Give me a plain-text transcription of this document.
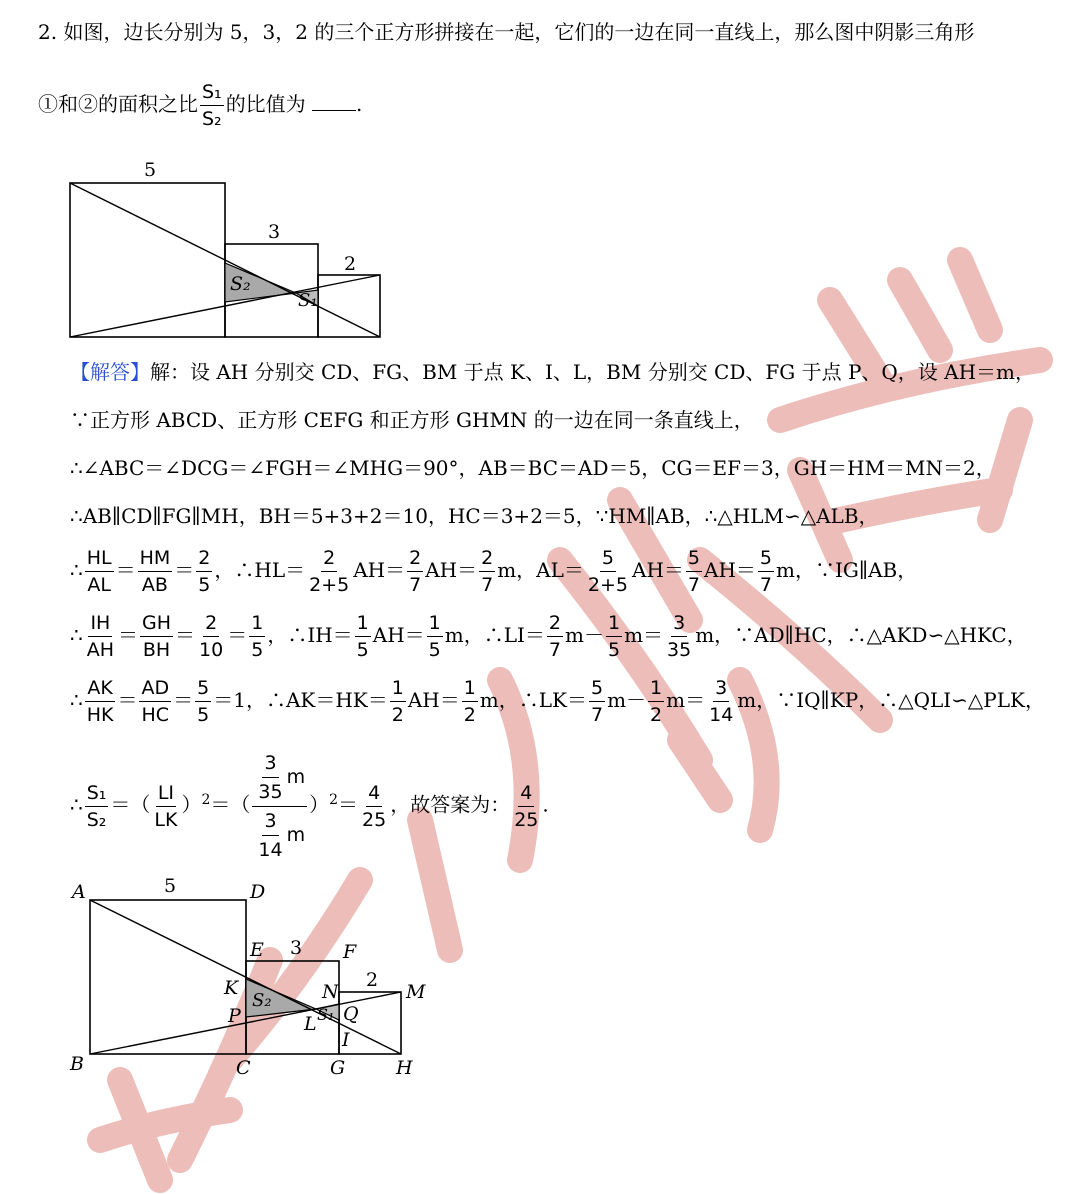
2. 如图，边长分别为 5，3，2 的三个正方形拼接在一起，它们的一边在同一直线上，那么图中阴影三角形
①和②的面积之比 $\frac{\text{S₁}}{\text{S₂}}$ 的比值为	.
5
3
2
S₂
S₁
【解答】解：设 AH 分别交 CD、FG、BM 于点 K、I、L，BM 分别交 CD、FG 于点 P、Q，设 AH＝m，
∵正方形 ABCD、正方形 CEFG 和正方形 GHMN 的一边在同一条直线上，
∴∠ABC＝∠DCG＝∠FGH＝∠MHG＝90°，AB＝BC＝AD＝5，CG＝EF＝3，GH＝HM＝MN＝2，
∴AB∥CD∥FG∥MH，BH＝5+3+2＝10，HC＝3+2＝5，∵HM∥AB，∴△HLM∽△ALB，
∴ $\frac{HL}{AL} = \frac{HM}{AB} = \frac{2}{5}$ ，∴HL＝ $\frac{2}{2+5} AH= \frac{2}{7} AH= \frac{2}{7}$ m，$AL= \frac{5}{2+5} AH= \frac{5}{7} AH= \frac{5}{7}$ m，∵IG∥AB，
∴ $\frac{IH}{AH} = \frac{GH}{BH} = \frac{2}{10} = \frac{1}{5}$ ，∴IH＝ $\frac{1}{5} AH= \frac{1}{5}$ m，∴LI＝ $\frac{2}{7} m- \frac{1}{5} m= \frac{3}{35}$ m，∵AD∥HC，∴△AKD∽△HKC，
∴ $\frac{AK}{HK} = \frac{AD}{HC} = \frac{5}{5} =1$，∴AK＝HK＝ $\frac{1}{2} AH= \frac{1}{2}$ m，∴LK＝ $\frac{5}{7} m- \frac{1}{2} m= \frac{3}{14}$ m，∵IQ∥KP，∴△QLI∽△PLK，
∴ $\frac{\text{S₁}}{\text{S₂}}$ ＝（ $\frac{LI}{LK} )^2=( \frac{\frac{3}{35} m}{\frac{3}{14} m} )^2= \frac{4}{25}$ ，故答案为： $\frac{4}{25}$ .
A	D
E	F
K	N	M
P	L Q
I
B	C	G	H
S₂
S₁
5
3
2
